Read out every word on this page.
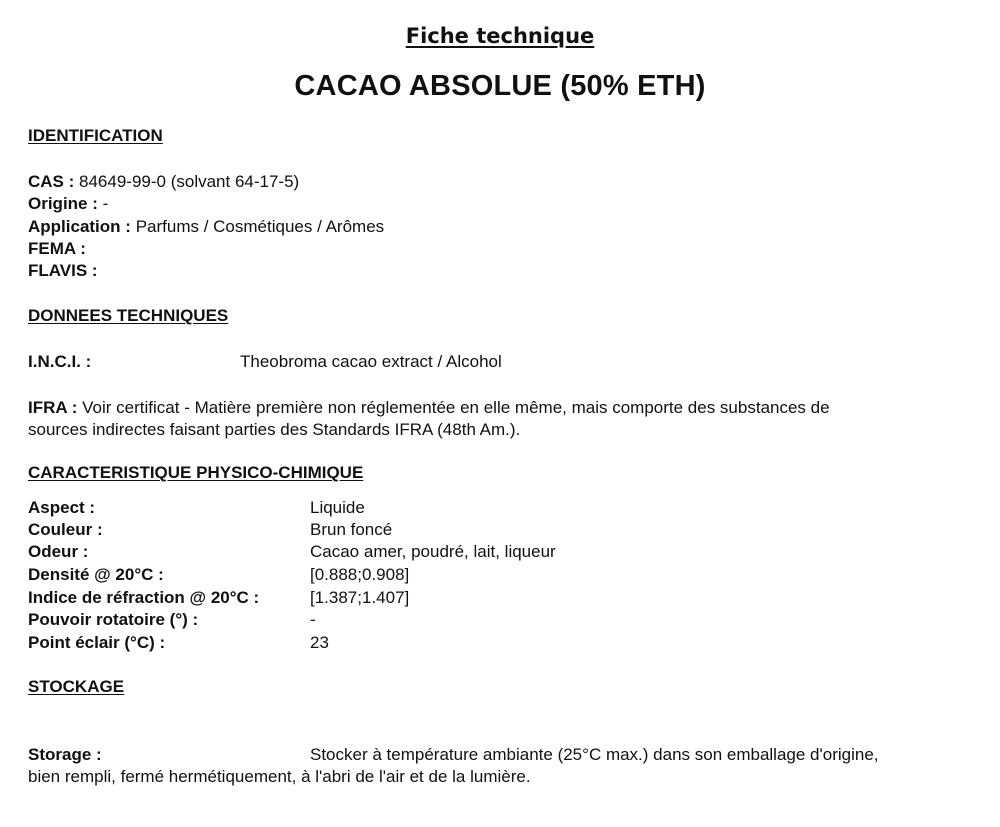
Fiche technique
CACAO ABSOLUE (50% ETH)
IDENTIFICATION
CAS : 84649-99-0 (solvant 64-17-5)
Origine : -
Application : Parfums / Cosmétiques / Arômes
FEMA :
FLAVIS :
DONNEES TECHNIQUES
I.N.C.I. :	Theobroma cacao extract / Alcohol
IFRA : Voir certificat - Matière première non réglementée en elle même, mais comporte des substances de
sources indirectes faisant parties des Standards IFRA (48th Am.).
CARACTERISTIQUE PHYSICO-CHIMIQUE
Aspect :	Liquide
Couleur :	Brun foncé
Odeur :	Cacao amer, poudré, lait, liqueur
Densité @ 20°C :	[0.888;0.908]
Indice de réfraction @ 20°C :	[1.387;1.407]
Pouvoir rotatoire (°) :	-
Point éclair (°C) :	23
STOCKAGE
Storage :	Stocker à température ambiante (25°C max.) dans son emballage d'origine,
bien rempli, fermé hermétiquement, à l'abri de l'air et de la lumière.
